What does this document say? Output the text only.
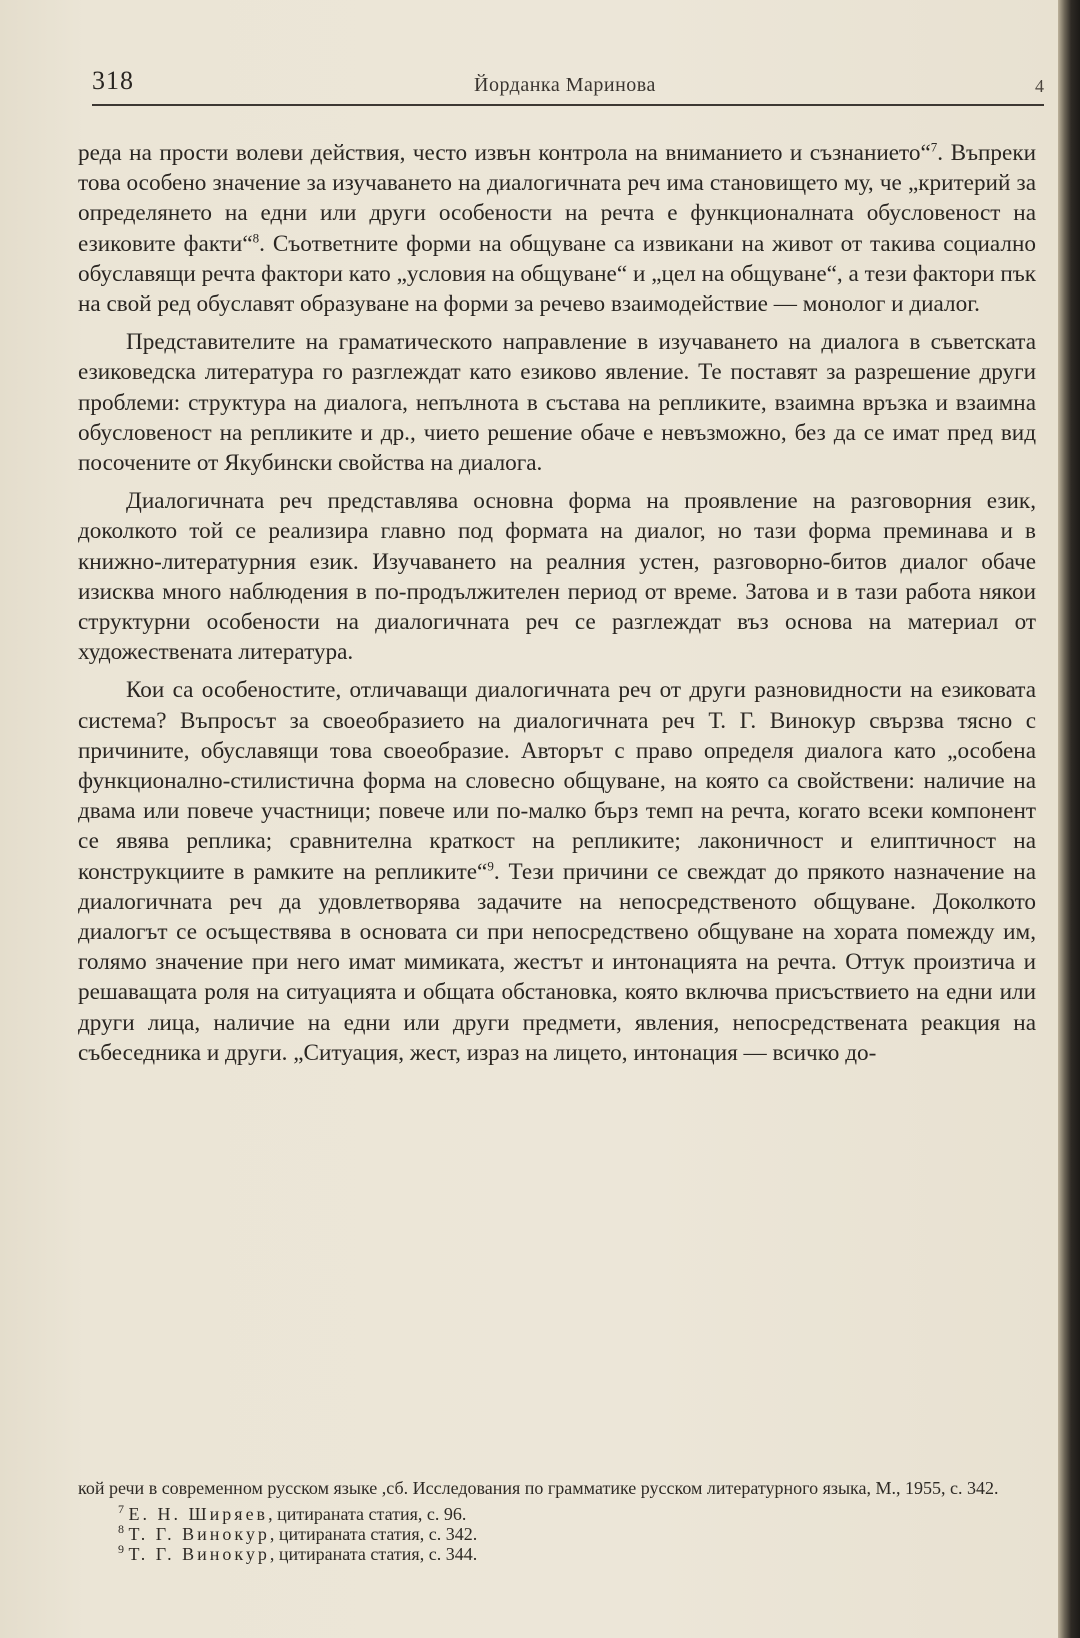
318	Йорданка Маринова	4

реда на прости волеви действия, често извън контрола на вниманието и съзнанието“$^7$. Въпреки това особено значение за изучаването на диалогичната реч има становището му, че „критерий за определянето на едни или други особености на речта е функционалната обусловеност на езиковите факти“$^8$. Съответните форми на общуване са извикани на живот от такива социално обуславящи речта фактори като „условия на общуване“ и „цел на общуване“, а тези фактори пък на свой ред обуславят образуване на форми за речево взаимодействие — монолог и диалог.

Представителите на граматическото направление в изучаването на диалога в съветската езиковедска литература го разглеждат като езиково явление. Те поставят за разрешение други проблеми: структура на диалога, непълнота в състава на репликите, взаимна връзка и взаимна обусловеност на репликите и др., чието решение обаче е невъзможно, без да се имат пред вид посочените от Якубински свойства на диалога.

Диалогичната реч представлява основна форма на проявление на разговорния език, доколкото той се реализира главно под формата на диалог, но тази форма преминава и в книжно-литературния език. Изучаването на реалния устен, разговорно-битов диалог обаче изисква много наблюдения в по-продължителен период от време. Затова и в тази работа някои структурни особености на диалогичната реч се разглеждат въз основа на материал от художествената литература.

Кои са особеностите, отличаващи диалогичната реч от други разновидности на езиковата система? Въпросът за своеобразието на диалогичната реч Т. Г. Винокур свързва тясно с причините, обуславящи това своеобразие. Авторът с право определя диалога като „особена функционално-стилистична форма на словесно общуване, на която са свойствени: наличие на двама или повече участници; повече или по-малко бърз темп на речта, когато всеки компонент се явява реплика; сравнителна краткост на репликите; лаконичност и елиптичност на конструкциите в рамките на репликите“$^9$. Тези причини се свеждат до прякото назначение на диалогичната реч да удовлетворява задачите на непосредственото общуване. Доколкото диалогът се осъществява в основата си при непосредствено общуване на хората помежду им, голямо значение при него имат мимиката, жестът и интонацията на речта. Оттук произтича и решаващата роля на ситуацията и общата обстановка, която включва присъствието на едни или други лица, наличие на едни или други предмети, явления, непосредствената реакция на събеседника и други. „Ситуация, жест, израз на лицето, интонация — всичко до-

кой речи в современном русском языке ,сб. Исследования по грамматике русском литературного языка, М., 1955, с. 342.

$^7$ Е. Н. Ширяев, цитираната статия, с. 96.

$^8$ Т. Г. Винокур, цитираната статия, с. 342.

$^9$ Т. Г. Винокур, цитираната статия, с. 344.
